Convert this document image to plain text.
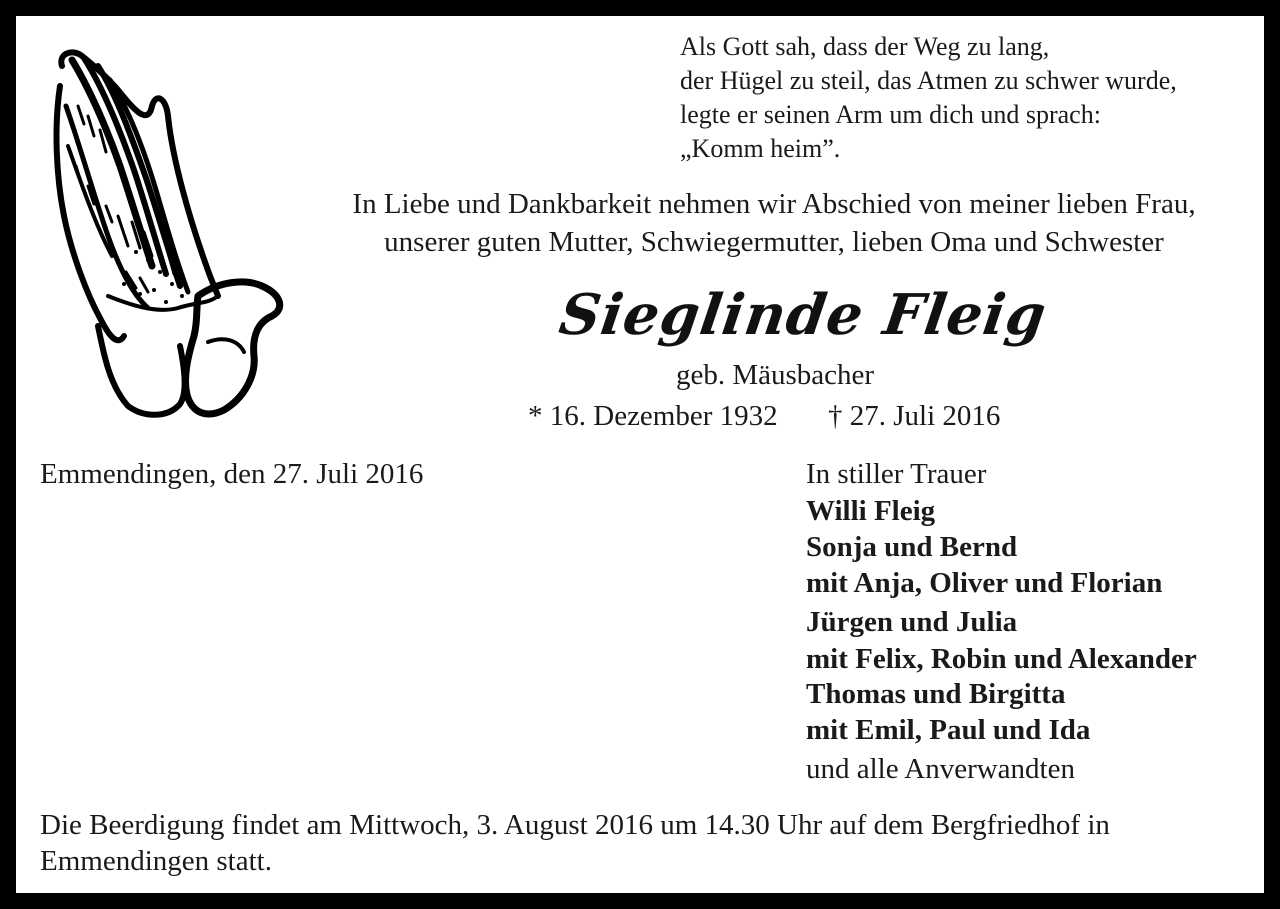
Als Gott sah, dass der Weg zu lang,
der Hügel zu steil, das Atmen zu schwer wurde,
legte er seinen Arm um dich und sprach:
„Komm heim”.
In Liebe und Dankbarkeit nehmen wir Abschied von meiner lieben Frau,
unserer guten Mutter, Schwiegermutter, lieben Oma und Schwester
Sieglinde Fleig
geb. Mäusbacher
* 16. Dezember 1932 † 27. Juli 2016
Emmendingen, den 27. Juli 2016	In stiller Trauer
Willi Fleig
Sonja und Bernd
mit Anja, Oliver und Florian
Jürgen und Julia
mit Felix, Robin und Alexander
Thomas und Birgitta
mit Emil, Paul und Ida
und alle Anverwandten
Die Beerdigung findet am Mittwoch, 3. August 2016 um 14.30 Uhr auf dem Bergfriedhof in
Emmendingen statt.
